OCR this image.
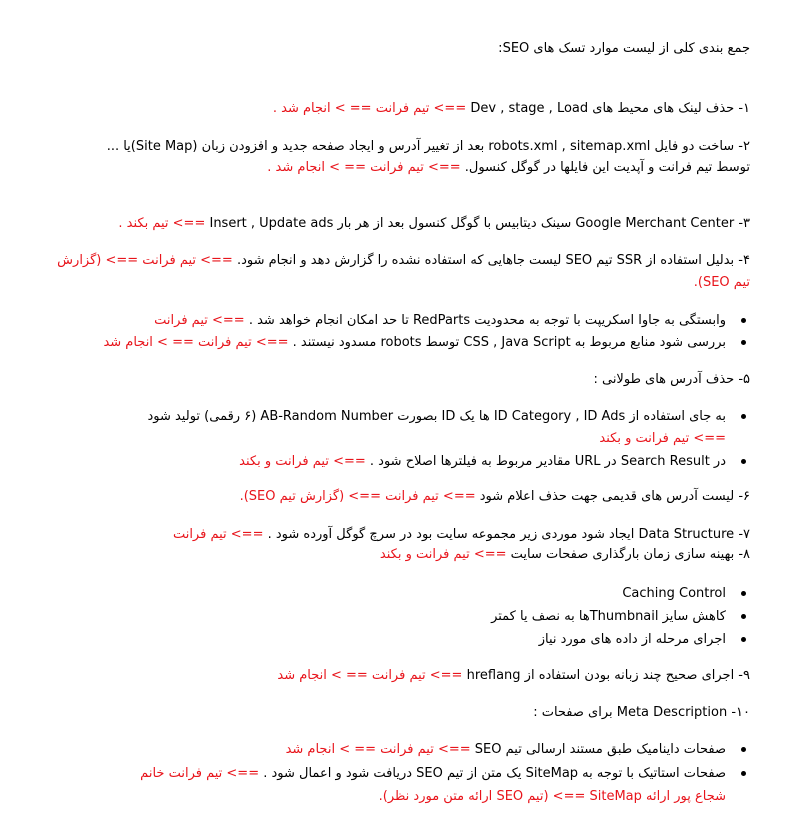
جمع بندی کلی از لیست موارد تسک های SEO:
۱- حذف لینک های محیط های Dev , stage , Load ==> تیم فرانت == > انجام شد .
۲- ساخت دو فایل robots.xml , sitemap.xml بعد از تغییر آدرس و ایجاد صفحه جدید و افزودن زبان (Site Map)یا ...
توسط تیم فرانت و آپدیت این فایلها در گوگل کنسول. ==> تیم فرانت == > انجام شد .
۳- Google Merchant Center سینک دیتابیس با گوگل کنسول بعد از هر بار Insert , Update ads ==> تیم بکند .
۴- بدلیل استفاده از SSR تیم SEO لیست جاهایی که استفاده نشده را گزارش دهد و انجام شود. ==> تیم فرانت ==> (گزارش
تیم SEO).
وابستگی به جاوا اسکریپت با توجه به محدودیت RedParts تا حد امکان انجام خواهد شد . ==> تیم فرانت
بررسی شود منابع مربوط به CSS , Java Script توسط robots مسدود نیستند . ==> تیم فرانت == > انجام شد
۵- حذف آدرس های طولانی :
به جای استفاده از ID Category , ID Ads ها یک ID بصورت AB-Random Number (۶ رقمی) تولید شود
==> تیم فرانت و بکند
در Search Result در URL مقادیر مربوط به فیلترها اصلاح شود . ==> تیم فرانت و بکند
۶- لیست آدرس های قدیمی جهت حذف اعلام شود ==> تیم فرانت ==> (گزارش تیم SEO).
۷- Data Structure ایجاد شود موردی زیر مجموعه سایت بود در سرچ گوگل آورده شود . ==> تیم فرانت
۸- بهینه سازی زمان بارگذاری صفحات سایت ==> تیم فرانت و بکند
Caching Control
کاهش سایز Thumbnailها به نصف یا کمتر
اجرای مرحله از داده های مورد نیاز
۹- اجرای صحیح چند زبانه بودن استفاده از hreflang ==> تیم فرانت == > انجام شد
۱۰- Meta Description برای صفحات :
صفحات داینامیک طبق مستند ارسالی تیم SEO ==> تیم فرانت == > انجام شد
صفحات استاتیک با توجه به SiteMap یک متن از تیم SEO دریافت شود و اعمال شود . ==> تیم فرانت خانم
شجاع پور ارائه SiteMap ==> (تیم SEO ارائه متن مورد نظر).
